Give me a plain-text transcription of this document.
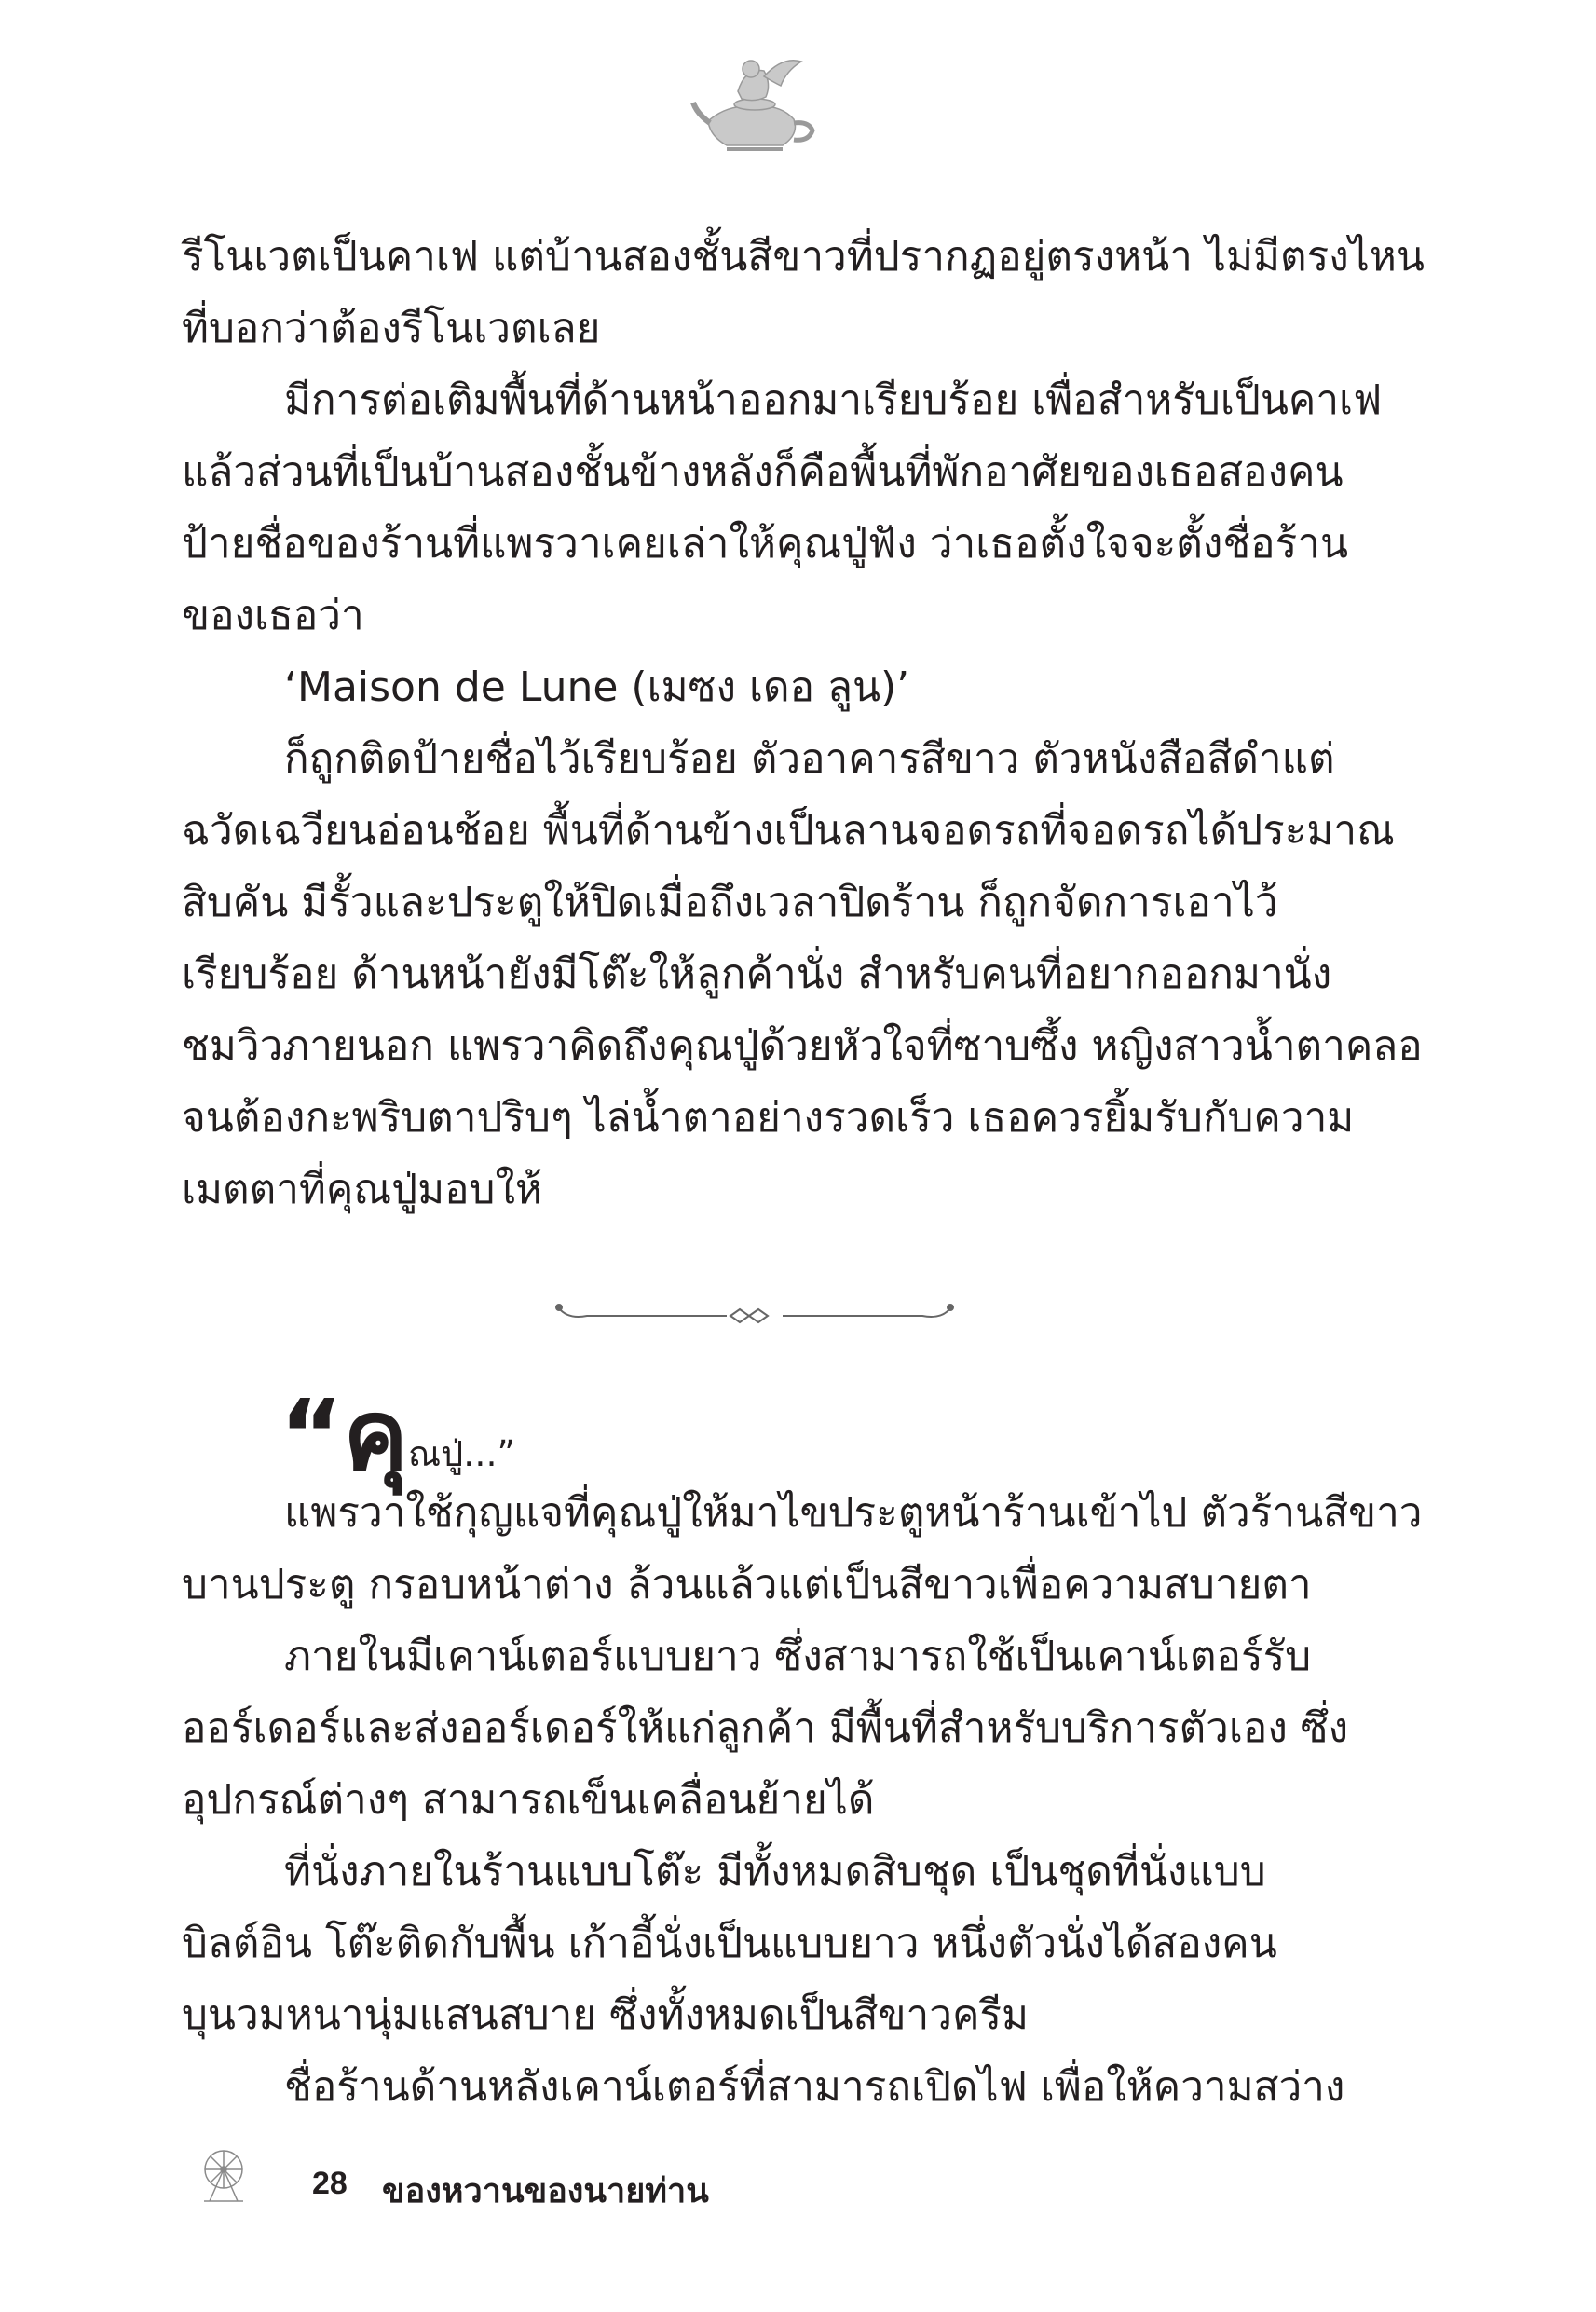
รีโนเวตเป็นคาเฟ แต่บ้านสองชั้นสีขาวที่ปรากฏอยู่ตรงหน้า ไม่มีตรงไหน
ที่บอกว่าต้องรีโนเวตเลย
มีการต่อเติมพื้นที่ด้านหน้าออกมาเรียบร้อย เพื่อสำหรับเป็นคาเฟ
แล้วส่วนที่เป็นบ้านสองชั้นข้างหลังก็คือพื้นที่พักอาศัยของเธอสองคน
ป้ายชื่อของร้านที่แพรวาเคยเล่าให้คุณปู่ฟัง ว่าเธอตั้งใจจะตั้งชื่อร้าน
ของเธอว่า
‘Maison de Lune (เมซง เดอ ลูน)’
ก็ถูกติดป้ายชื่อไว้เรียบร้อย ตัวอาคารสีขาว ตัวหนังสือสีดำแต่
ฉวัดเฉวียนอ่อนช้อย พื้นที่ด้านข้างเป็นลานจอดรถที่จอดรถได้ประมาณ
สิบคัน มีรั้วและประตูให้ปิดเมื่อถึงเวลาปิดร้าน ก็ถูกจัดการเอาไว้
เรียบร้อย ด้านหน้ายังมีโต๊ะให้ลูกค้านั่ง สำหรับคนที่อยากออกมานั่ง
ชมวิวภายนอก แพรวาคิดถึงคุณปู่ด้วยหัวใจที่ซาบซึ้ง หญิงสาวน้ำตาคลอ
จนต้องกะพริบตาปริบๆ ไล่น้ำตาอย่างรวดเร็ว เธอควรยิ้มรับกับความ
เมตตาที่คุณปู่มอบให้
“คุณปู่...”
แพรวาใช้กุญแจที่คุณปู่ให้มาไขประตูหน้าร้านเข้าไป ตัวร้านสีขาว
บานประตู กรอบหน้าต่าง ล้วนแล้วแต่เป็นสีขาวเพื่อความสบายตา
ภายในมีเคาน์เตอร์แบบยาว ซึ่งสามารถใช้เป็นเคาน์เตอร์รับ
ออร์เดอร์และส่งออร์เดอร์ให้แก่ลูกค้า มีพื้นที่สำหรับบริการตัวเอง ซึ่ง
อุปกรณ์ต่างๆ สามารถเข็นเคลื่อนย้ายได้
ที่นั่งภายในร้านแบบโต๊ะ มีทั้งหมดสิบชุด เป็นชุดที่นั่งแบบ
บิลต์อิน โต๊ะติดกับพื้น เก้าอี้นั่งเป็นแบบยาว หนึ่งตัวนั่งได้สองคน
บุนวมหนานุ่มแสนสบาย ซึ่งทั้งหมดเป็นสีขาวครีม
ชื่อร้านด้านหลังเคาน์เตอร์ที่สามารถเปิดไฟ เพื่อให้ความสว่าง
28 ของหวานของนายท่าน
